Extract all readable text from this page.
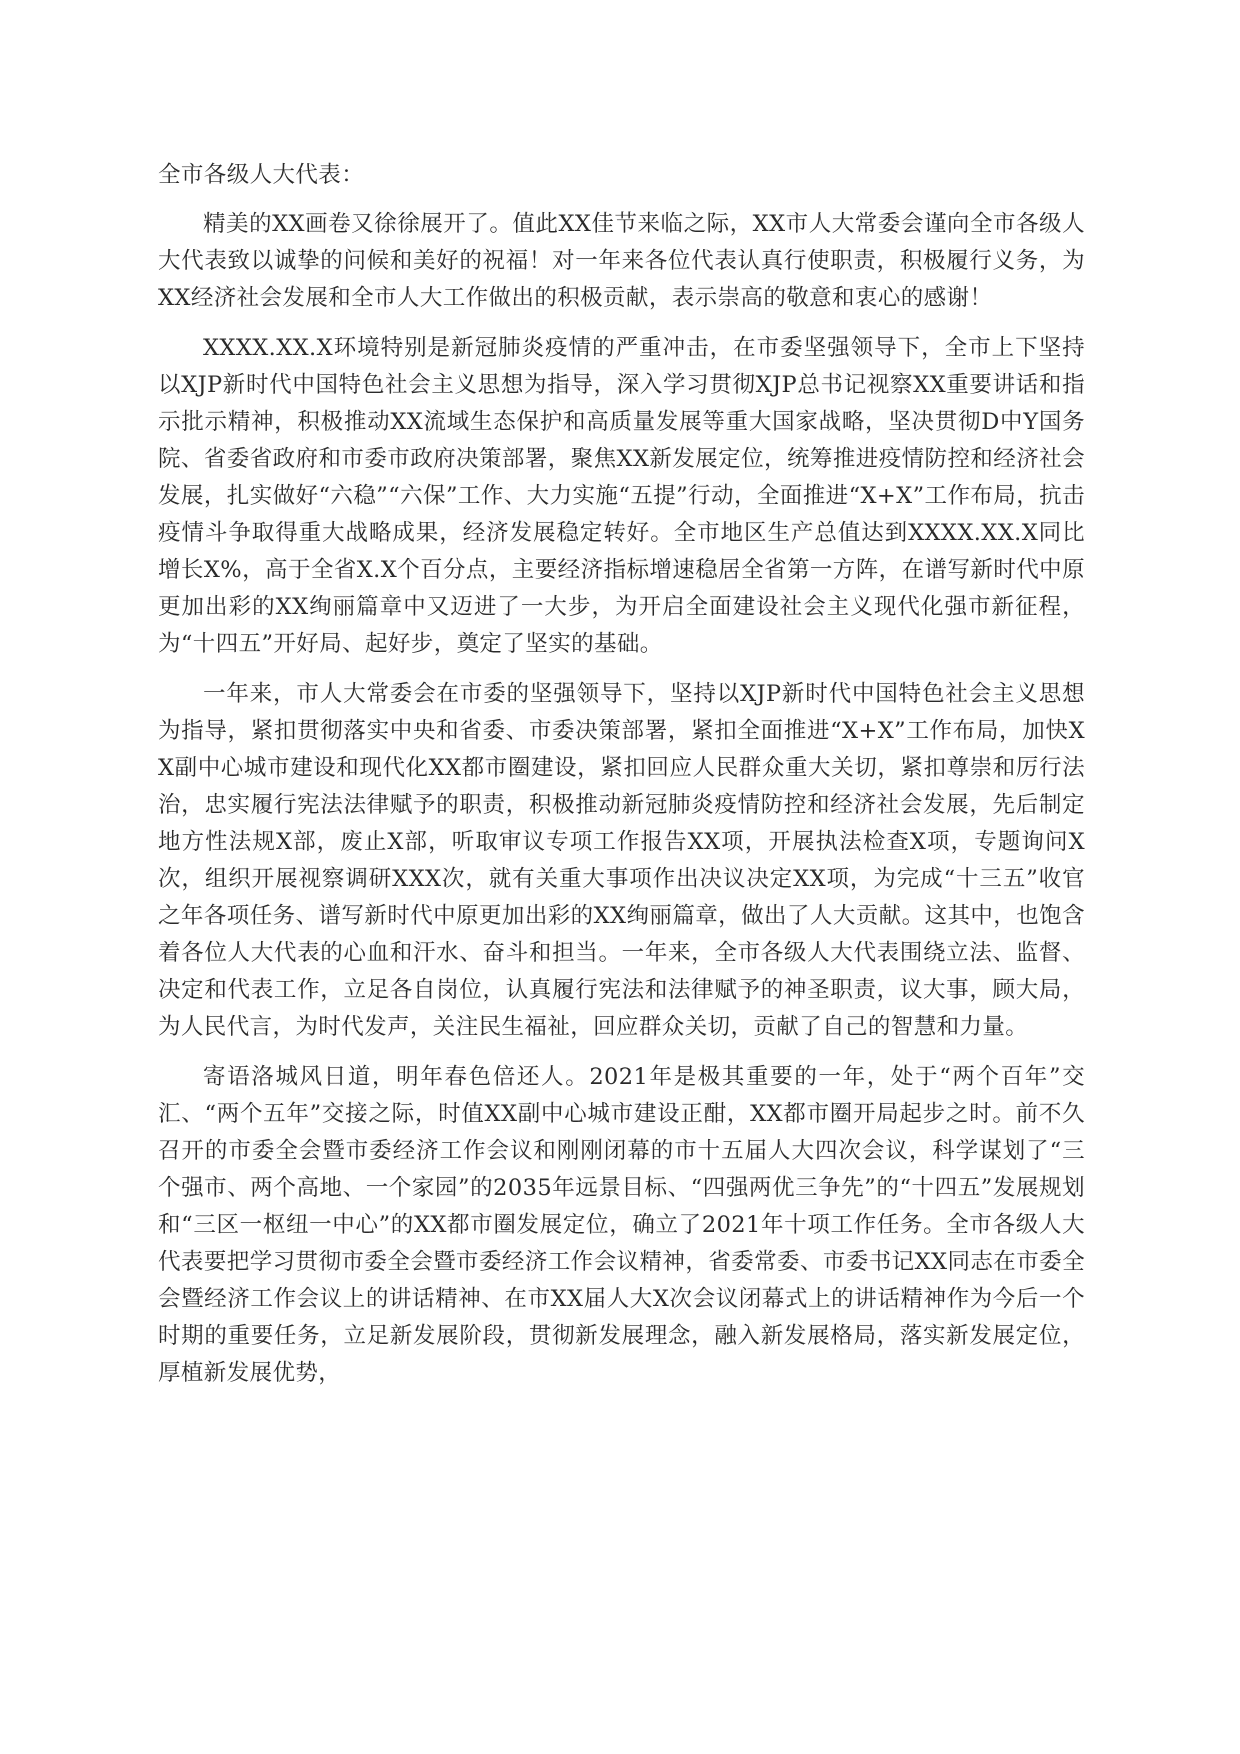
全市各级人大代表：

精美的XX画卷又徐徐展开了。值此XX佳节来临之际，XX市人大常委会谨向全市各级人大代表致以诚挚的问候和美好的祝福！对一年来各位代表认真行使职责，积极履行义务，为XX经济社会发展和全市人大工作做出的积极贡献，表示崇高的敬意和衷心的感谢！

XXXX.XX.X环境特别是新冠肺炎疫情的严重冲击，在市委坚强领导下，全市上下坚持以XJP新时代中国特色社会主义思想为指导，深入学习贯彻XJP总书记视察XX重要讲话和指示批示精神，积极推动XX流域生态保护和高质量发展等重大国家战略，坚决贯彻D中Y国务院、省委省政府和市委市政府决策部署，聚焦XX新发展定位，统筹推进疫情防控和经济社会发展，扎实做好“六稳”“六保”工作、大力实施“五提”行动，全面推进“X+X”工作布局，抗击疫情斗争取得重大战略成果，经济发展稳定转好。全市地区生产总值达到XXXX.XX.X同比增长X%，高于全省X.X个百分点，主要经济指标增速稳居全省第一方阵，在谱写新时代中原更加出彩的XX绚丽篇章中又迈进了一大步，为开启全面建设社会主义现代化强市新征程，为“十四五”开好局、起好步，奠定了坚实的基础。

一年来，市人大常委会在市委的坚强领导下，坚持以XJP新时代中国特色社会主义思想为指导，紧扣贯彻落实中央和省委、市委决策部署，紧扣全面推进“X+X”工作布局，加快XX副中心城市建设和现代化XX都市圈建设，紧扣回应人民群众重大关切，紧扣尊崇和厉行法治，忠实履行宪法法律赋予的职责，积极推动新冠肺炎疫情防控和经济社会发展，先后制定地方性法规X部，废止X部，听取审议专项工作报告XX项，开展执法检查X项，专题询问X次，组织开展视察调研XXX次，就有关重大事项作出决议决定XX项，为完成“十三五”收官之年各项任务、谱写新时代中原更加出彩的XX绚丽篇章，做出了人大贡献。这其中，也饱含着各位人大代表的心血和汗水、奋斗和担当。一年来，全市各级人大代表围绕立法、监督、决定和代表工作，立足各自岗位，认真履行宪法和法律赋予的神圣职责，议大事，顾大局，为人民代言，为时代发声，关注民生福祉，回应群众关切，贡献了自己的智慧和力量。

寄语洛城风日道，明年春色倍还人。2021年是极其重要的一年，处于“两个百年”交汇、“两个五年”交接之际，时值XX副中心城市建设正酣，XX都市圈开局起步之时。前不久召开的市委全会暨市委经济工作会议和刚刚闭幕的市十五届人大四次会议，科学谋划了“三个强市、两个高地、一个家园”的2035年远景目标、“四强两优三争先”的“十四五”发展规划和“三区一枢纽一中心”的XX都市圈发展定位，确立了2021年十项工作任务。全市各级人大代表要把学习贯彻市委全会暨市委经济工作会议精神，省委常委、市委书记XX同志在市委全会暨经济工作会议上的讲话精神、在市XX届人大X次会议闭幕式上的讲话精神作为今后一个时期的重要任务，立足新发展阶段，贯彻新发展理念，融入新发展格局，落实新发展定位，厚植新发展优势，
